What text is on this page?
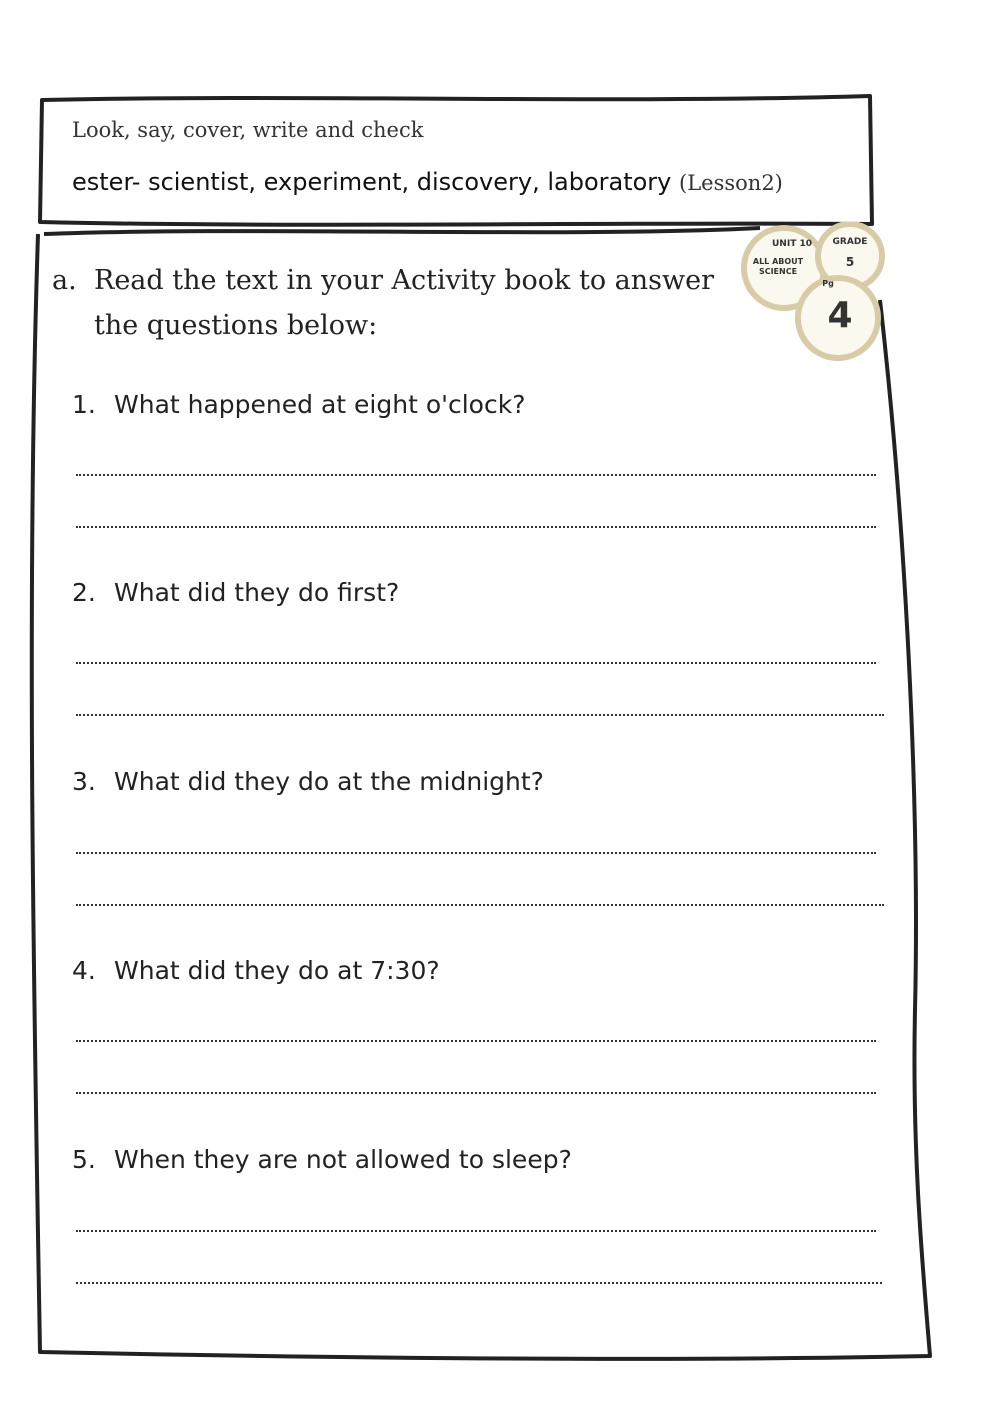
Look, say, cover, write and check
ester- scientist, experiment, discovery, laboratory (Lesson2)
UNIT 10
ALL ABOUT
SCIENCE
GRADE
5
Pg
4
a. Read the text in your Activity book to answer
the questions below:
1. What happened at eight o'clock?
2. What did they do first?
3. What did they do at the midnight?
4. What did they do at 7:30?
5. When they are not allowed to sleep?
